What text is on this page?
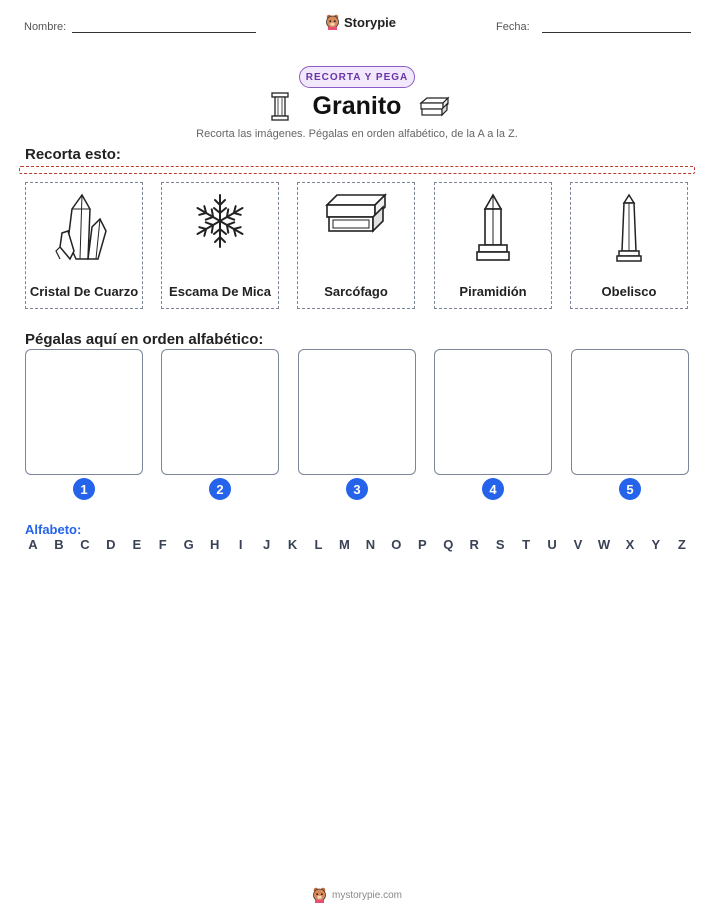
Nombre:	Storypie	Fecha:
RECORTA Y PEGA
Granito
Recorta las imágenes. Pégalas en orden alfabético, de la A a la Z.
Recorta esto:
Cristal De Cuarzo	Escama De Mica	Sarcófago	Piramidión	Obelisco
Pégalas aquí en orden alfabético:
1	2	3	4	5
Alfabeto:
A B C D E	F	G H	I	J	K	L	M N O P Q R S	T	U V W X Y	Z
mystorypie.com
